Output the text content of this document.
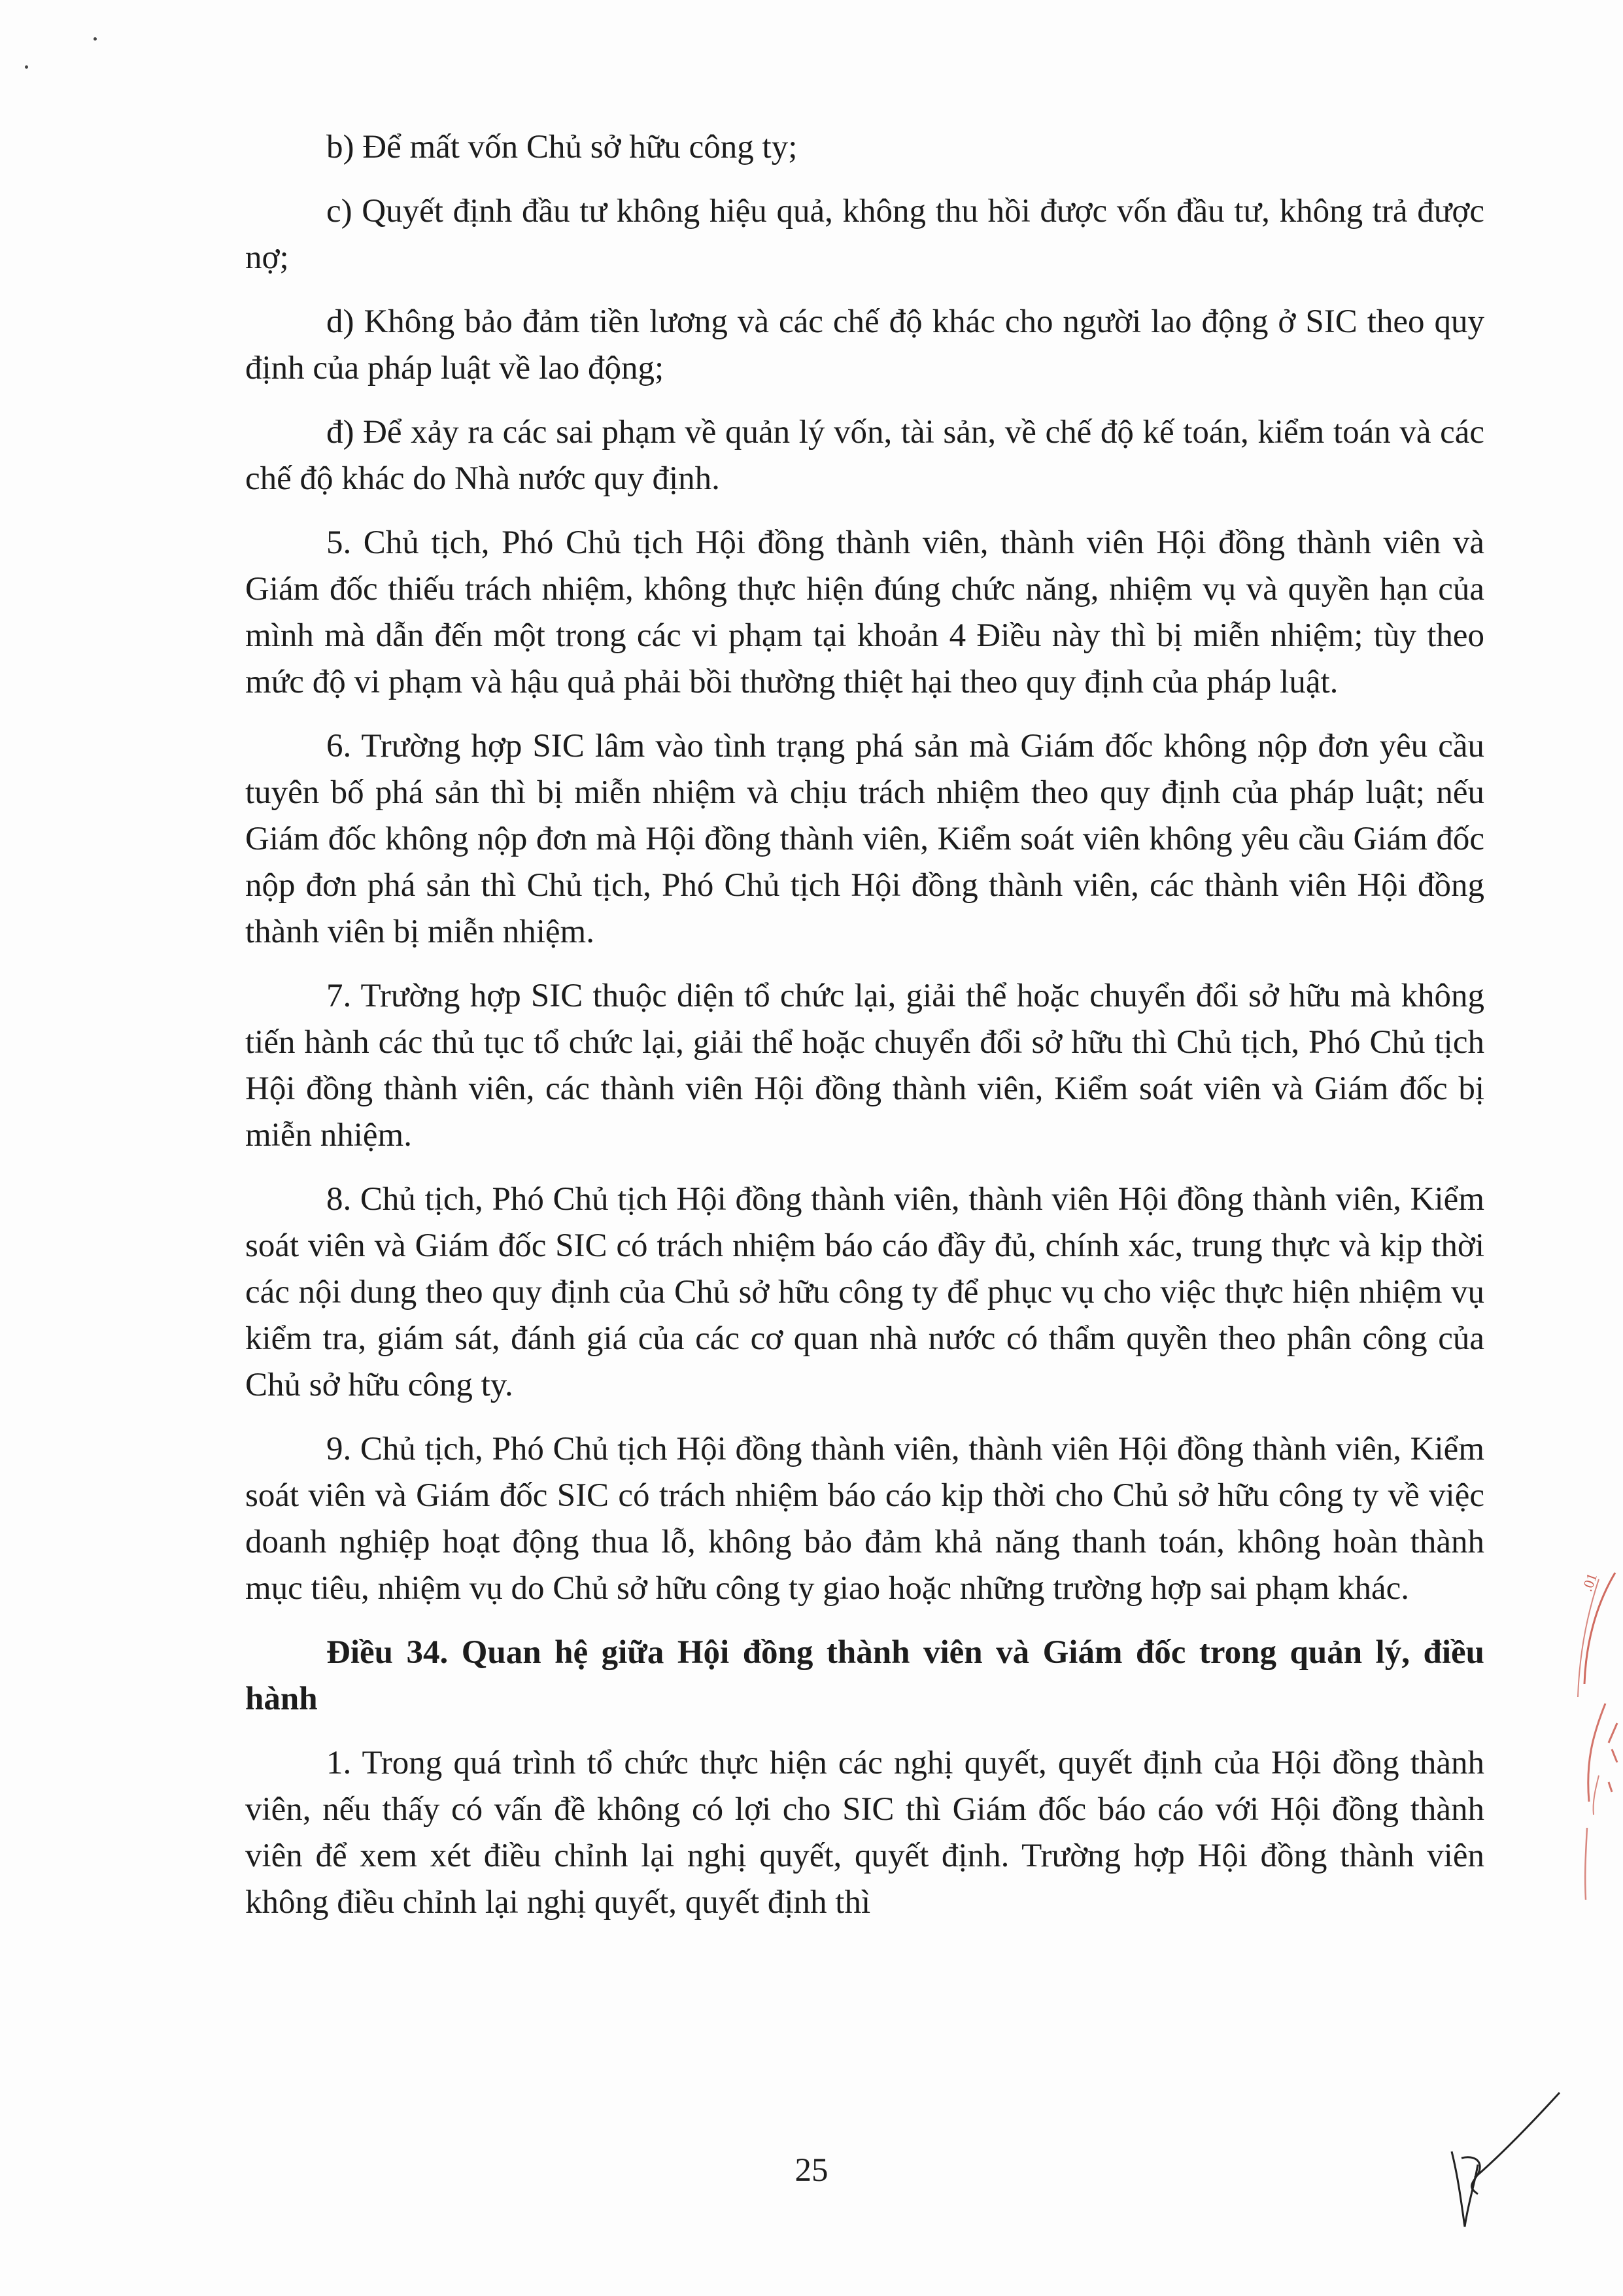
b) Để mất vốn Chủ sở hữu công ty;

c) Quyết định đầu tư không hiệu quả, không thu hồi được vốn đầu tư, không trả được nợ;

d) Không bảo đảm tiền lương và các chế độ khác cho người lao động ở SIC theo quy định của pháp luật về lao động;

đ) Để xảy ra các sai phạm về quản lý vốn, tài sản, về chế độ kế toán, kiểm toán và các chế độ khác do Nhà nước quy định.

5. Chủ tịch, Phó Chủ tịch Hội đồng thành viên, thành viên Hội đồng thành viên và Giám đốc thiếu trách nhiệm, không thực hiện đúng chức năng, nhiệm vụ và quyền hạn của mình mà dẫn đến một trong các vi phạm tại khoản 4 Điều này thì bị miễn nhiệm; tùy theo mức độ vi phạm và hậu quả phải bồi thường thiệt hại theo quy định của pháp luật.

6. Trường hợp SIC lâm vào tình trạng phá sản mà Giám đốc không nộp đơn yêu cầu tuyên bố phá sản thì bị miễn nhiệm và chịu trách nhiệm theo quy định của pháp luật; nếu Giám đốc không nộp đơn mà Hội đồng thành viên, Kiểm soát viên không yêu cầu Giám đốc nộp đơn phá sản thì Chủ tịch, Phó Chủ tịch Hội đồng thành viên, các thành viên Hội đồng thành viên bị miễn nhiệm.

7. Trường hợp SIC thuộc diện tổ chức lại, giải thể hoặc chuyển đổi sở hữu mà không tiến hành các thủ tục tổ chức lại, giải thể hoặc chuyển đổi sở hữu thì Chủ tịch, Phó Chủ tịch Hội đồng thành viên, các thành viên Hội đồng thành viên, Kiểm soát viên và Giám đốc bị miễn nhiệm.

8. Chủ tịch, Phó Chủ tịch Hội đồng thành viên, thành viên Hội đồng thành viên, Kiểm soát viên và Giám đốc SIC có trách nhiệm báo cáo đầy đủ, chính xác, trung thực và kịp thời các nội dung theo quy định của Chủ sở hữu công ty để phục vụ cho việc thực hiện nhiệm vụ kiểm tra, giám sát, đánh giá của các cơ quan nhà nước có thẩm quyền theo phân công của Chủ sở hữu công ty.

9. Chủ tịch, Phó Chủ tịch Hội đồng thành viên, thành viên Hội đồng thành viên, Kiểm soát viên và Giám đốc SIC có trách nhiệm báo cáo kịp thời cho Chủ sở hữu công ty về việc doanh nghiệp hoạt động thua lỗ, không bảo đảm khả năng thanh toán, không hoàn thành mục tiêu, nhiệm vụ do Chủ sở hữu công ty giao hoặc những trường hợp sai phạm khác.

Điều 34. Quan hệ giữa Hội đồng thành viên và Giám đốc trong quản lý, điều hành

1. Trong quá trình tổ chức thực hiện các nghị quyết, quyết định của Hội đồng thành viên, nếu thấy có vấn đề không có lợi cho SIC thì Giám đốc báo cáo với Hội đồng thành viên để xem xét điều chỉnh lại nghị quyết, quyết định. Trường hợp Hội đồng thành viên không điều chỉnh lại nghị quyết, quyết định thì

25
.01
